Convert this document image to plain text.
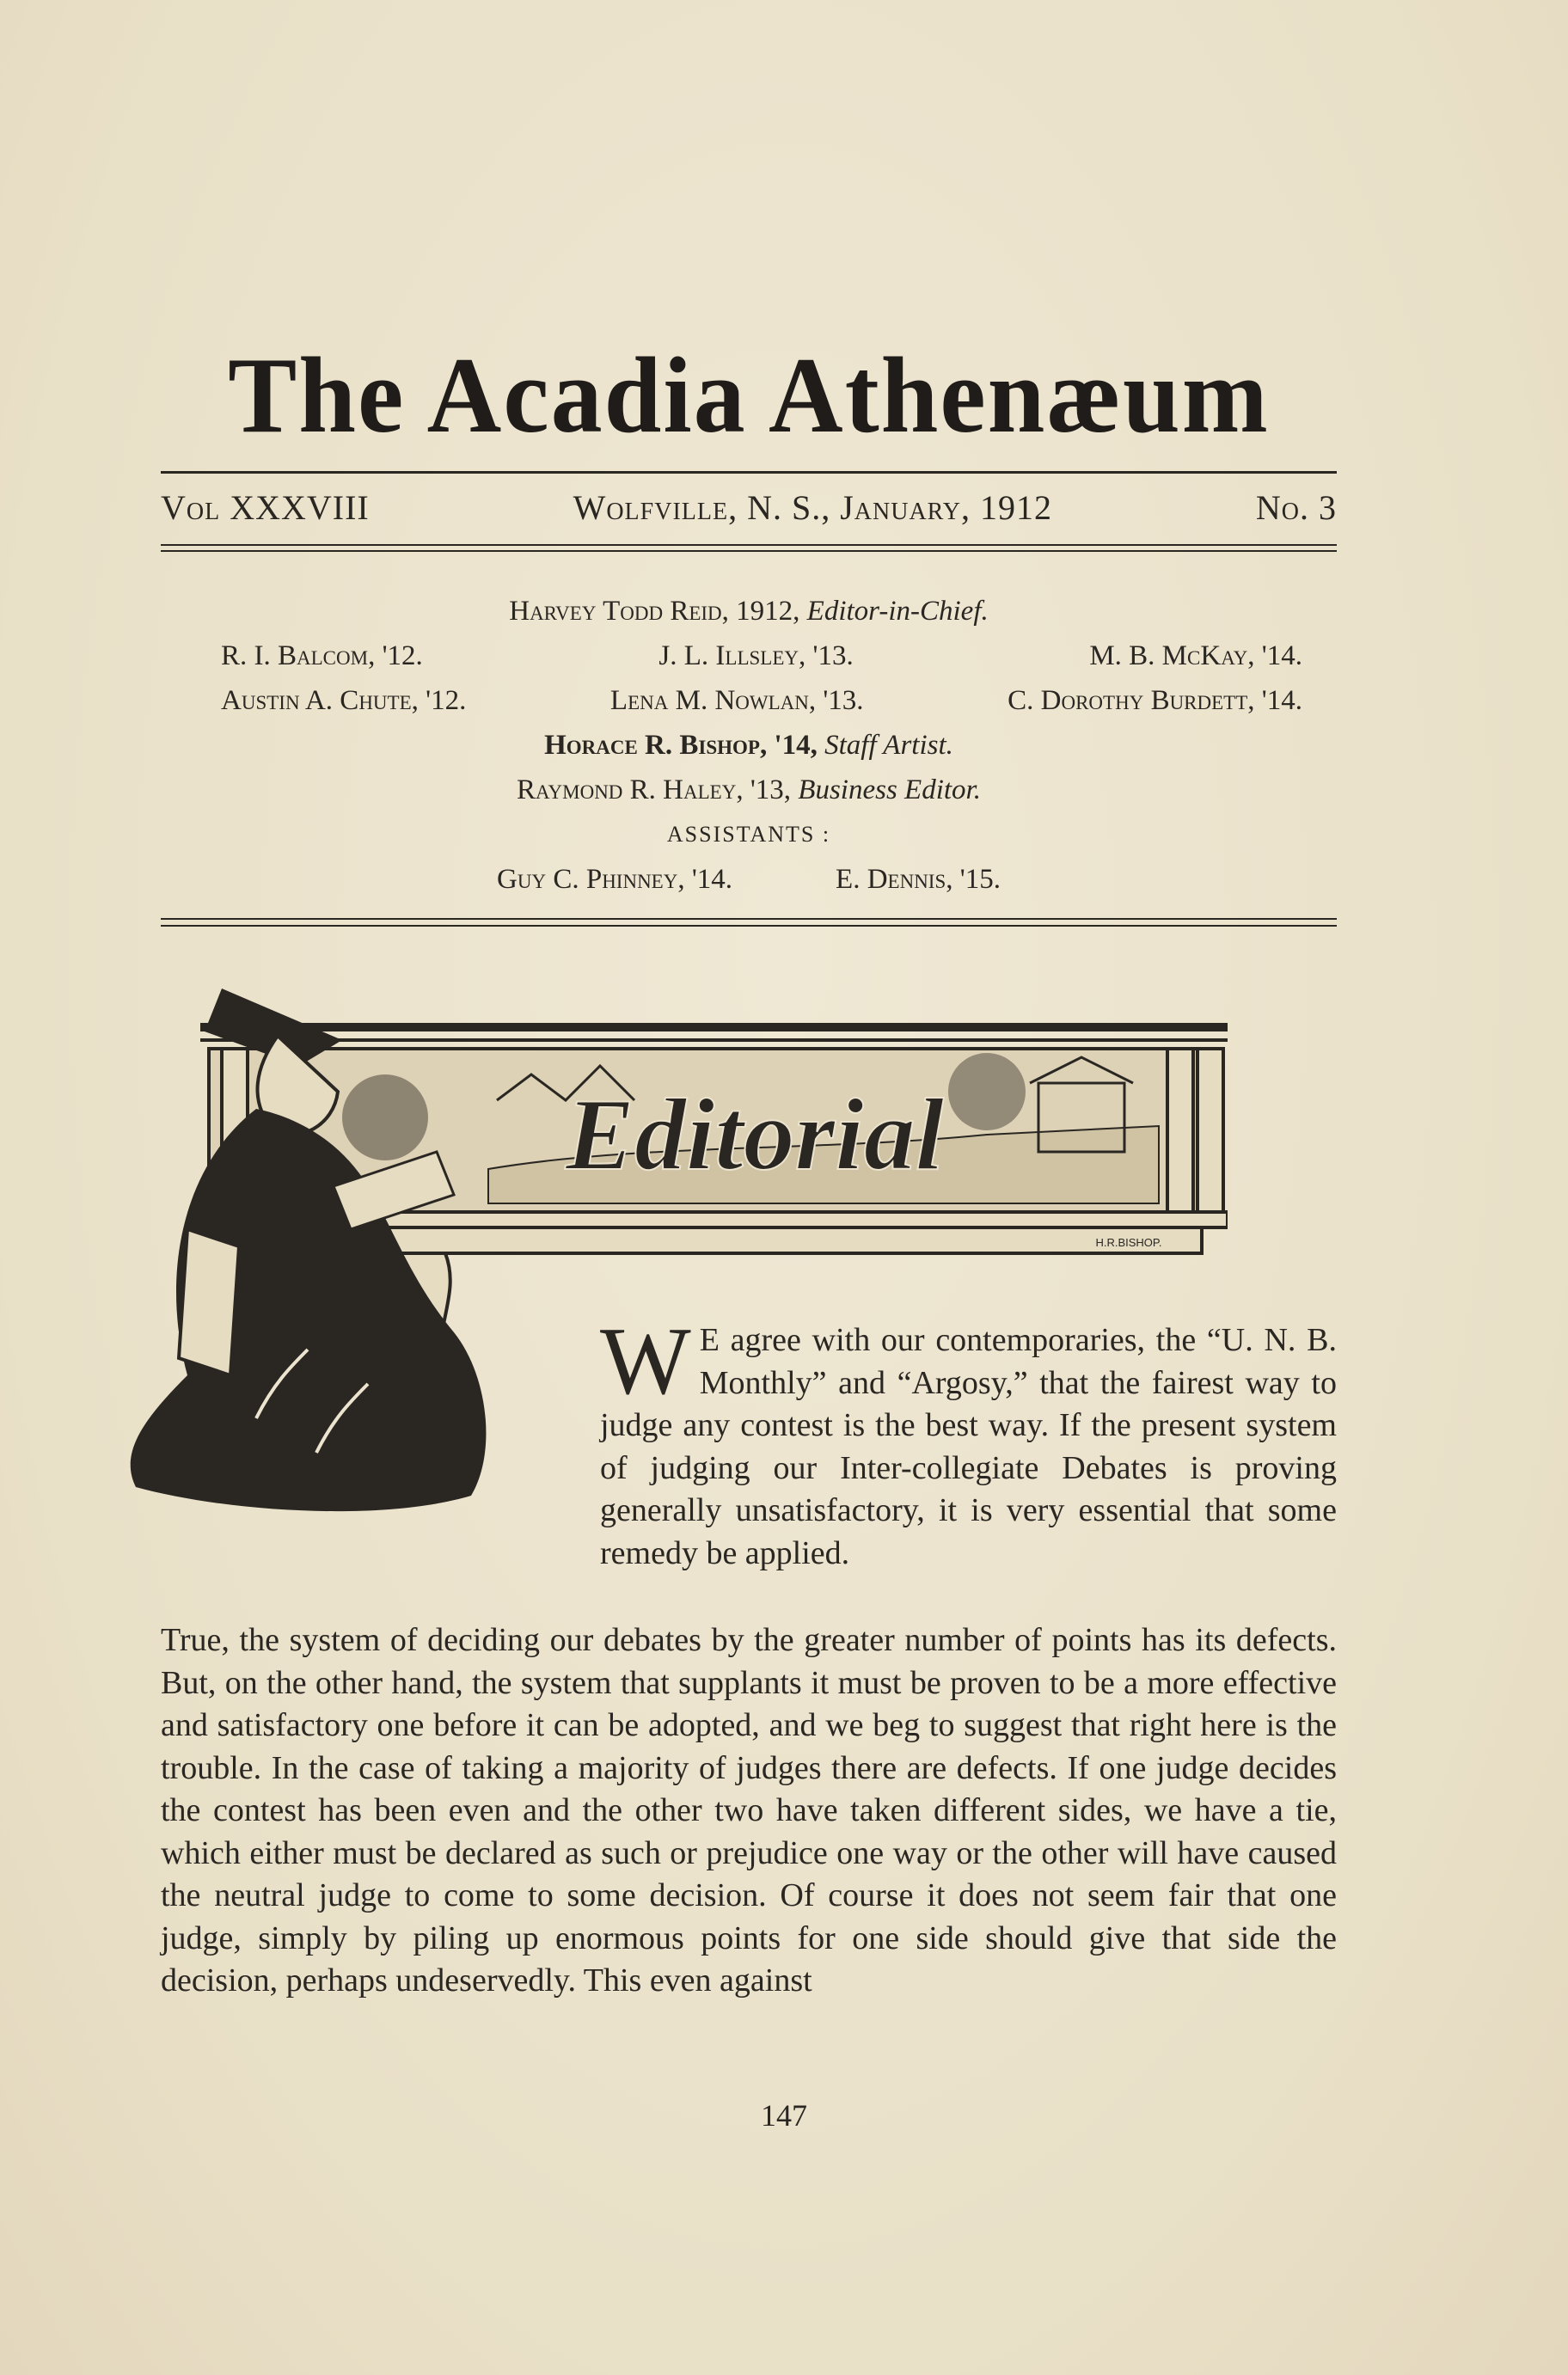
The Acadia Athenæum
Vol XXXVIII	Wolfville, N. S., January, 1912	No. 3
Harvey Todd Reid, 1912, Editor-in-Chief.
R. I. Balcom, '12.	J. L. Illsley, '13.	M. B. McKay, '14.
Austin A. Chute, '12.	Lena M. Nowlan, '13.	C. Dorothy Burdett, '14.
Horace R. Bishop, '14, Staff Artist.
Raymond R. Haley, '13, Business Editor.
ASSISTANTS :
Guy C. Phinney, '14.	E. Dennis, '15.
Editorial
H.R.BISHOP.

W E agree with our contemporaries, the “U. N. B. Monthly” and “Argosy,” that the fairest way to judge any contest is the best way. If the present system of judging our Inter-collegiate Debates is proving generally unsatisfactory, it is very essential that some remedy be applied.

True, the system of deciding our debates by the greater number of points has its defects. But, on the other hand, the system that supplants it must be proven to be a more effective and satisfactory one before it can be adopted, and we beg to suggest that right here is the trouble. In the case of taking a majority of judges there are defects. If one judge decides the contest has been even and the other two have taken different sides, we have a tie, which either must be declared as such or prejudice one way or the other will have caused the neutral judge to come to some decision. Of course it does not seem fair that one judge, simply by piling up enormous points for one side should give that side the decision, perhaps undeservedly. This even against

147
